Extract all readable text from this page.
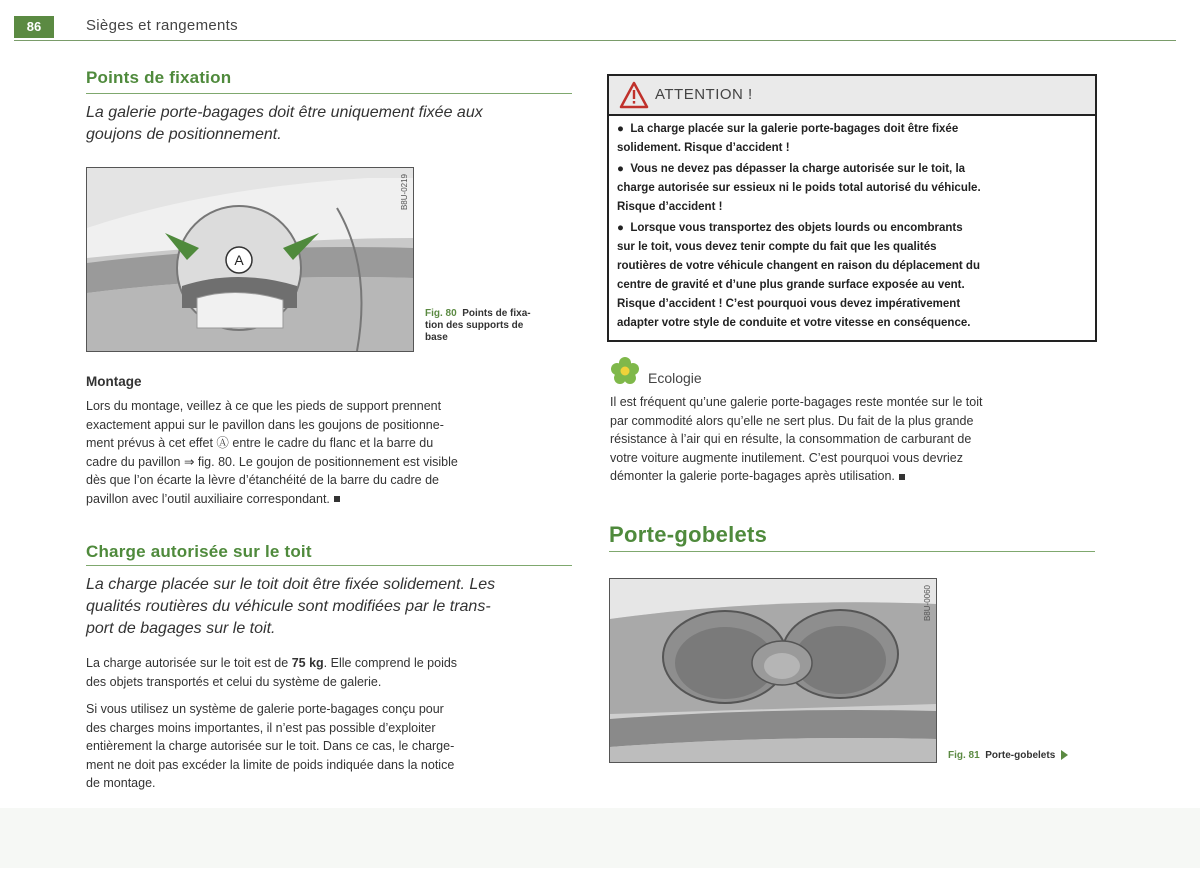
86	Sièges et rangements
Points de fixation
La galerie porte-bagages doit être uniquement fixée aux
goujons de positionnement.
A
B8U-0219
Fig. 80 Points de fixa-
tion des supports de
base
Montage
Lors du montage, veillez à ce que les pieds de support prennent
exactement appui sur le pavillon dans les goujons de positionne-
ment prévus à cet effet Ⓐ entre le cadre du flanc et la barre du
cadre du pavillon ⇒ fig. 80. Le goujon de positionnement est visible
dès que l’on écarte la lèvre d’étanchéité de la barre du cadre de
pavillon avec l’outil auxiliaire correspondant.
Charge autorisée sur le toit
La charge placée sur le toit doit être fixée solidement. Les
qualités routières du véhicule sont modifiées par le trans-
port de bagages sur le toit.
La charge autorisée sur le toit est de 75 kg. Elle comprend le poids
des objets transportés et celui du système de galerie.
Si vous utilisez un système de galerie porte-bagages conçu pour
des charges moins importantes, il n’est pas possible d’exploiter
entièrement la charge autorisée sur le toit. Dans ce cas, le charge-
ment ne doit pas excéder la limite de poids indiquée dans la notice
de montage.
ATTENTION !
●  La charge placée sur la galerie porte-bagages doit être fixée
solidement. Risque d’accident !
●  Vous ne devez pas dépasser la charge autorisée sur le toit, la
charge autorisée sur essieux ni le poids total autorisé du véhicule.
Risque d’accident !
●  Lorsque vous transportez des objets lourds ou encombrants
sur le toit, vous devez tenir compte du fait que les qualités
routières de votre véhicule changent en raison du déplacement du
centre de gravité et d’une plus grande surface exposée au vent.
Risque d’accident ! C’est pourquoi vous devez impérativement
adapter votre style de conduite et votre vitesse en conséquence.
Ecologie
Il est fréquent qu’une galerie porte-bagages reste montée sur le toit
par commodité alors qu’elle ne sert plus. Du fait de la plus grande
résistance à l’air qui en résulte, la consommation de carburant de
votre voiture augmente inutilement. C’est pourquoi vous devriez
démonter la galerie porte-bagages après utilisation.
Porte-gobelets
B8U-0060
Fig. 81 Porte-gobelets
